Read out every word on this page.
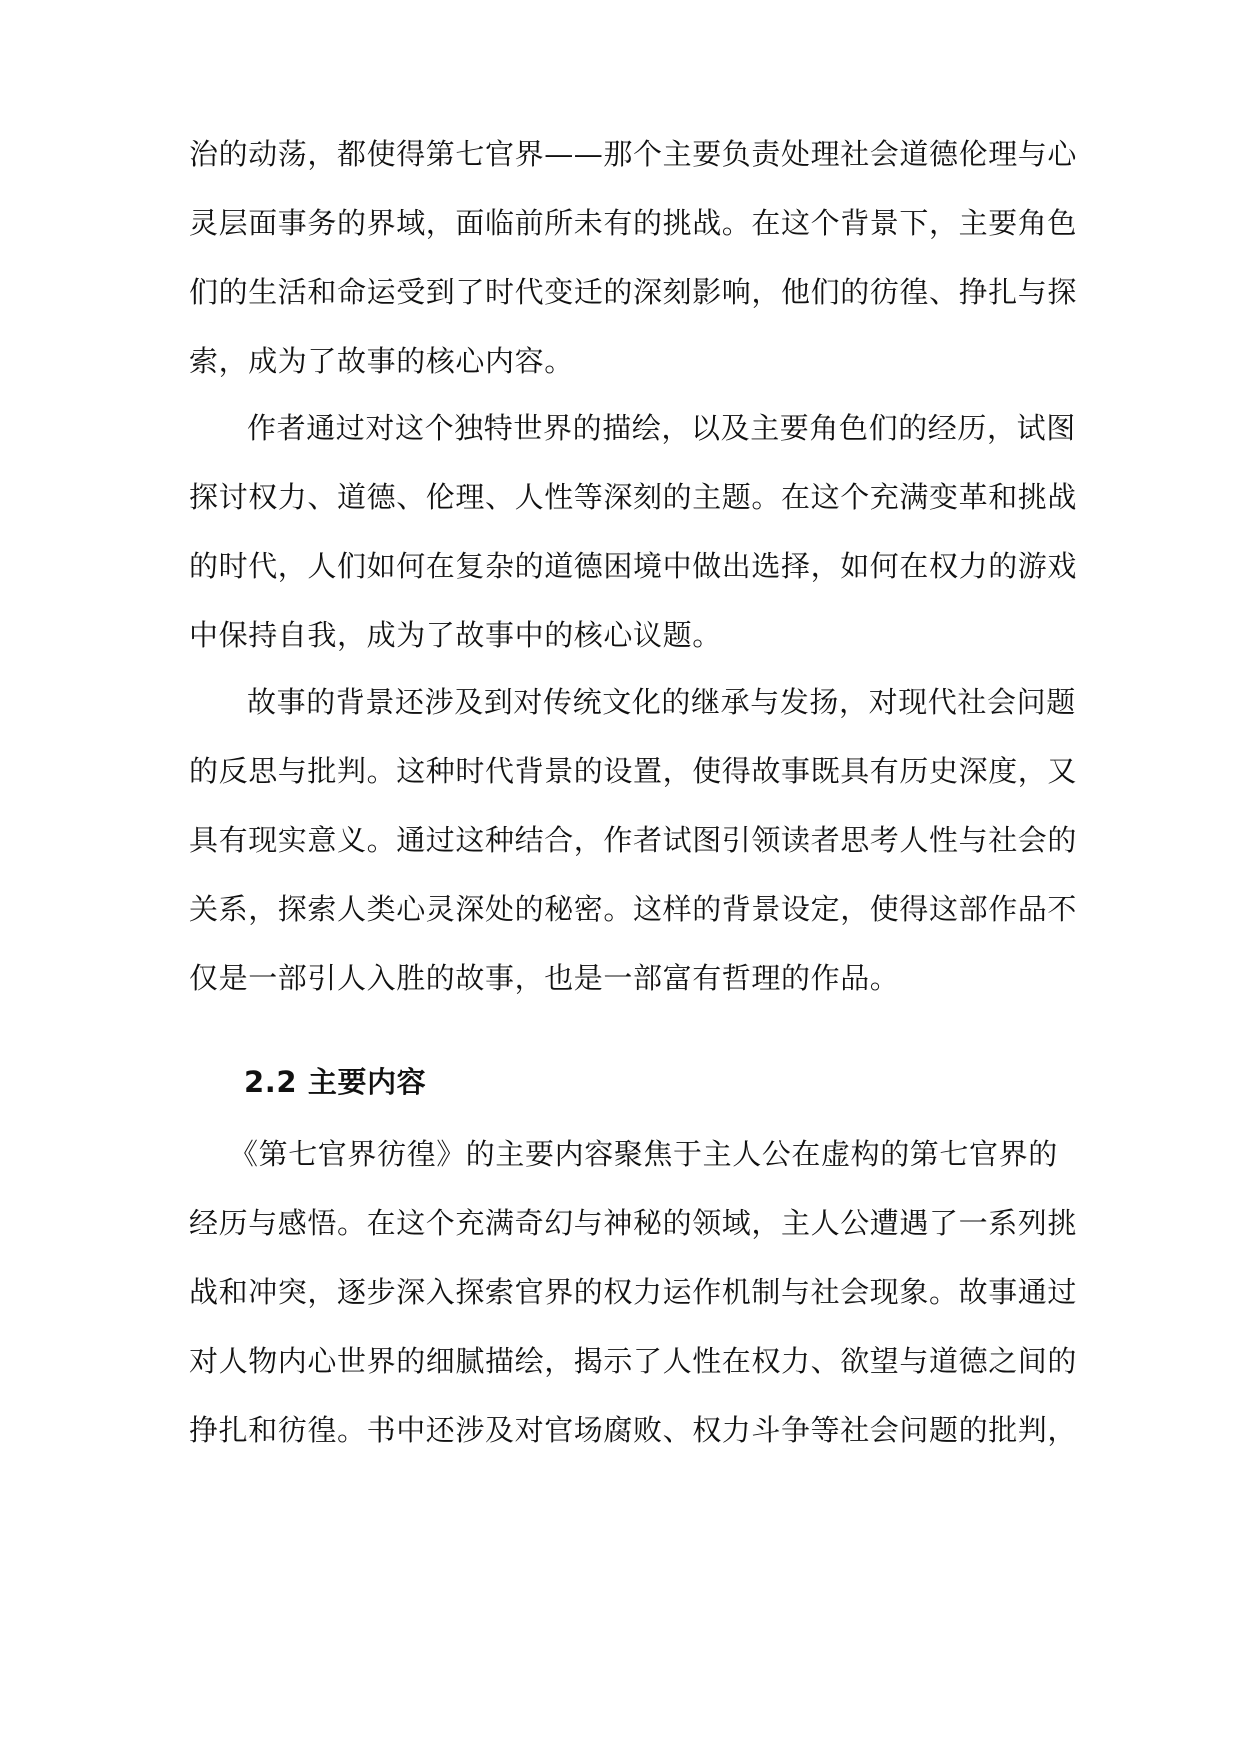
治的动荡，都使得第七官界——那个主要负责处理社会道德伦理与心
灵层面事务的界域，面临前所未有的挑战。在这个背景下，主要角色
们的生活和命运受到了时代变迁的深刻影响，他们的彷徨、挣扎与探
索，成为了故事的核心内容。
作者通过对这个独特世界的描绘，以及主要角色们的经历，试图
探讨权力、道德、伦理、人性等深刻的主题。在这个充满变革和挑战
的时代，人们如何在复杂的道德困境中做出选择，如何在权力的游戏
中保持自我，成为了故事中的核心议题。
故事的背景还涉及到对传统文化的继承与发扬，对现代社会问题
的反思与批判。这种时代背景的设置，使得故事既具有历史深度，又
具有现实意义。通过这种结合，作者试图引领读者思考人性与社会的
关系，探索人类心灵深处的秘密。这样的背景设定，使得这部作品不
仅是一部引人入胜的故事，也是一部富有哲理的作品。
2.2 主要内容
《第七官界彷徨》的主要内容聚焦于主人公在虚构的第七官界的
经历与感悟。在这个充满奇幻与神秘的领域，主人公遭遇了一系列挑
战和冲突，逐步深入探索官界的权力运作机制与社会现象。故事通过
对人物内心世界的细腻描绘，揭示了人性在权力、欲望与道德之间的
挣扎和彷徨。书中还涉及对官场腐败、权力斗争等社会问题的批判，
